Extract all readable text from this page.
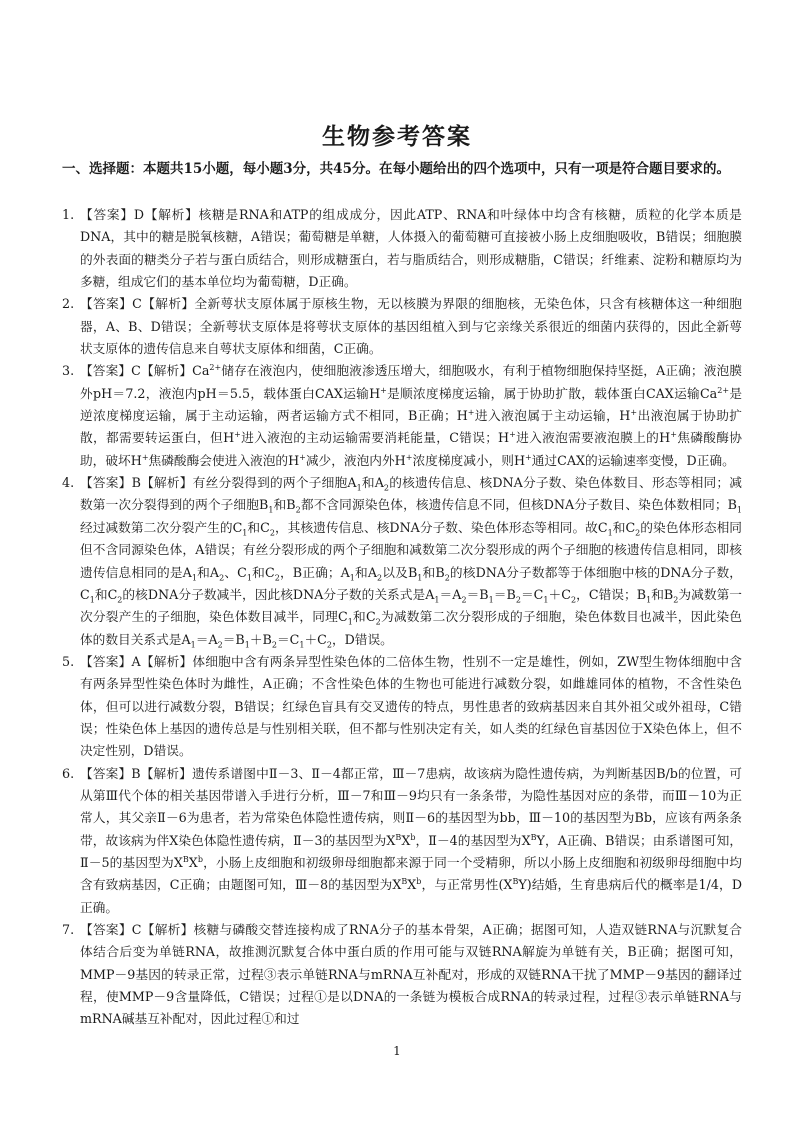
生物参考答案
一、选择题：本题共15小题，每小题3分，共45分。在每小题给出的四个选项中，只有一项是符合题目要求的。
1. 【答案】D【解析】核糖是RNA和ATP的组成成分，因此ATP、RNA和叶绿体中均含有核糖，质粒的化学本质是DNA，其中的糖是脱氧核糖，A错误；葡萄糖是单糖，人体摄入的葡萄糖可直接被小肠上皮细胞吸收，B错误；细胞膜的外表面的糖类分子若与蛋白质结合，则形成糖蛋白，若与脂质结合，则形成糖脂，C错误；纤维素、淀粉和糖原均为多糖，组成它们的基本单位均为葡萄糖，D正确。
2. 【答案】C【解析】全新萼状支原体属于原核生物，无以核膜为界限的细胞核，无染色体，只含有核糖体这一种细胞器，A、B、D错误；全新萼状支原体是将萼状支原体的基因组植入到与它亲缘关系很近的细菌内获得的，因此全新萼状支原体的遗传信息来自萼状支原体和细菌，C正确。
3. 【答案】C【解析】$Ca^{2+}$储存在液泡内，使细胞液渗透压增大，细胞吸水，有利于植物细胞保持坚挺，A正确；液泡膜外pH＝7.2，液泡内pH＝5.5，载体蛋白CAX运输H+是顺浓度梯度运输，属于协助扩散，载体蛋白CAX运输$Ca^{2+}$是逆浓度梯度运输，属于主动运输，两者运输方式不相同，B正确；H+进入液泡属于主动运输，H+出液泡属于协助扩散，都需要转运蛋白，但H+进入液泡的主动运输需要消耗能量，C错误；H+进入液泡需要液泡膜上的H+焦磷酸酶协助，破坏H+焦磷酸酶会使进入液泡的H+减少，液泡内外H+浓度梯度减小，则H+通过CAX的运输速率变慢，D正确。
4. 【答案】B【解析】有丝分裂得到的两个子细胞$A_1$和$A_2$的核遗传信息、核DNA分子数、染色体数目、形态等相同；减数第一次分裂得到的两个子细胞$B_1$和$B_2$都不含同源染色体，核遗传信息不同，但核DNA分子数目、染色体数相同；$B_1$经过减数第二次分裂产生的$C_1$和$C_2$，其核遗传信息、核DNA分子数、染色体形态等相同。故$C_1$和$C_2$的染色体形态相同但不含同源染色体，A错误；有丝分裂形成的两个子细胞和减数第二次分裂形成的两个子细胞的核遗传信息相同，即核遗传信息相同的是$A_1$和$A_2$、$C_1$和$C_2$，B正确；$A_1$和$A_2$以及$B_1$和$B_2$的核DNA分子数都等于体细胞中核的DNA分子数，$C_1$和$C_2$的核DNA分子数减半，因此核DNA分子数的关系式是$A_1=A_2=B_1=B_2=C_1+C_2$，C错误；$B_1$和$B_2$为减数第一次分裂产生的子细胞，染色体数目减半，同理$C_1$和$C_2$为减数第二次分裂形成的子细胞，染色体数目也减半，因此染色体的数目关系式是$A_1=A_2=B_1+B_2=C_1+C_2$，D错误。
5. 【答案】A【解析】体细胞中含有两条异型性染色体的二倍体生物，性别不一定是雄性，例如，ZW型生物体细胞中含有两条异型性染色体时为雌性，A正确；不含性染色体的生物也可能进行减数分裂，如雌雄同体的植物，不含性染色体，但可以进行减数分裂，B错误；红绿色盲具有交叉遗传的特点，男性患者的致病基因来自其外祖父或外祖母，C错误；性染色体上基因的遗传总是与性别相关联，但不都与性别决定有关，如人类的红绿色盲基因位于X染色体上，但不决定性别，D错误。
6. 【答案】B【解析】遗传系谱图中Ⅱ－3、Ⅱ－4都正常，Ⅲ－7患病，故该病为隐性遗传病，为判断基因B/b的位置，可从第Ⅲ代个体的相关基因带谱入手进行分析，Ⅲ－7和Ⅲ－9均只有一条条带，为隐性基因对应的条带，而Ⅲ－10为正常人，其父亲Ⅱ－6为患者，若为常染色体隐性遗传病，则Ⅱ－6的基因型为bb，Ⅲ－10的基因型为Bb，应该有两条条带，故该病为伴X染色体隐性遗传病，Ⅱ－3的基因型为$X^BX^b$，Ⅱ－4的基因型为$X^BY$，A正确、B错误；由系谱图可知，Ⅱ－5的基因型为$X^BX^b$，小肠上皮细胞和初级卵母细胞都来源于同一个受精卵，所以小肠上皮细胞和初级卵母细胞中均含有致病基因，C正确；由题图可知，Ⅲ－8的基因型为$X^BX^b$，与正常男性$(X^BY)$结婚，生育患病后代的概率是1/4，D正确。
7. 【答案】C【解析】核糖与磷酸交替连接构成了RNA分子的基本骨架，A正确；据图可知，人造双链RNA与沉默复合体结合后变为单链RNA，故推测沉默复合体中蛋白质的作用可能与双链RNA解旋为单链有关，B正确；据图可知，MMP－9基因的转录正常，过程③表示单链RNA与mRNA互补配对，形成的双链RNA干扰了MMP－9基因的翻译过程，使MMP－9含量降低，C错误；过程①是以DNA的一条链为模板合成RNA的转录过程，过程③表示单链RNA与mRNA碱基互补配对，因此过程①和过
1
